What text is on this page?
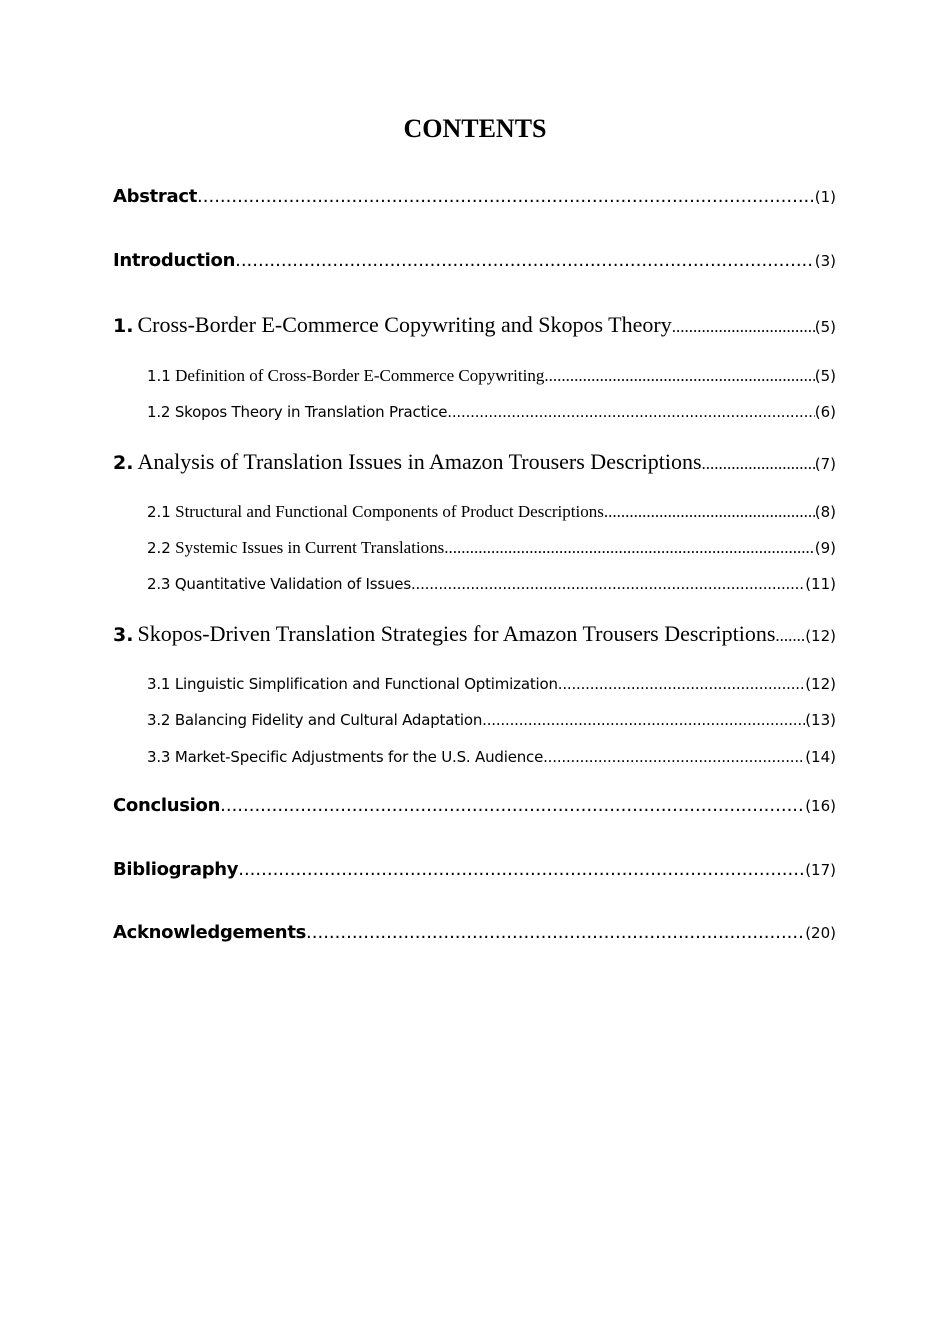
CONTENTS
Abstract .....	(1)
Introduction .....	(3)
1. Cross-Border E-Commerce Copywriting and Skopos Theory .....	(5)
1.1 Definition of Cross-Border E-Commerce Copywriting .....	(5)
1.2 Skopos Theory in Translation Practice .....	(6)
2. Analysis of Translation Issues in Amazon Trousers Descriptions .....	(7)
2.1 Structural and Functional Components of Product Descriptions .....	(8)
2.2 Systemic Issues in Current Translations .....	(9)
2.3 Quantitative Validation of Issues .....	(11)
3. Skopos-Driven Translation Strategies for Amazon Trousers Descriptions ..... (12)
3.1 Linguistic Simplification and Functional Optimization .....	(12)
3.2 Balancing Fidelity and Cultural Adaptation .....	(13)
3.3 Market-Specific Adjustments for the U.S. Audience .....	(14)
Conclusion .....	(16)
Bibliography .....	(17)
Acknowledgements .....	(20)
